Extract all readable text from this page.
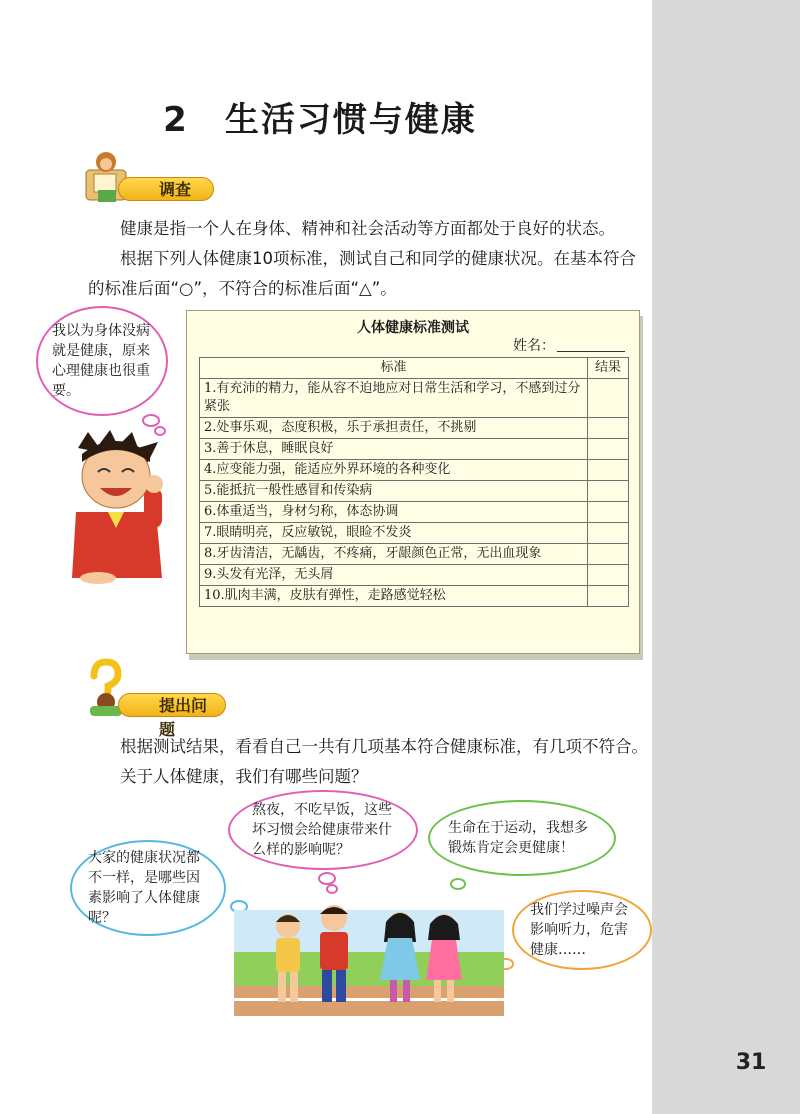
2　生活习惯与健康
调查

健康是指一个人在身体、精神和社会活动等方面都处于良好的状态。

根据下列人体健康10项标准，测试自己和同学的健康状况。在基本符合的标准后面“○”，不符合的标准后面“△”。

我以为身体没病就是健康，原来心理健康也很重要。
人体健康标准测试
姓名：
标准	结果
1.有充沛的精力，能从容不迫地应对日常生活和学习，不感到过分紧张	
2.处事乐观，态度积极，乐于承担责任，不挑剔	
3.善于休息，睡眠良好	
4.应变能力强，能适应外界环境的各种变化	
5.能抵抗一般性感冒和传染病	
6.体重适当，身材匀称，体态协调	
7.眼睛明亮，反应敏锐，眼睑不发炎	
8.牙齿清洁，无龋齿，不疼痛，牙龈颜色正常，无出血现象	
9.头发有光泽，无头屑	
10.肌肉丰满，皮肤有弹性，走路感觉轻松	
提出问题

根据测试结果，看看自己一共有几项基本符合健康标准，有几项不符合。

关于人体健康，我们有哪些问题？

熬夜，不吃早饭，这些坏习惯会给健康带来什么样的影响呢？
生命在于运动，我想多锻炼肯定会更健康！
大家的健康状况都不一样，是哪些因素影响了人体健康呢？	我们学过噪声会影响听力，危害健康……
31
